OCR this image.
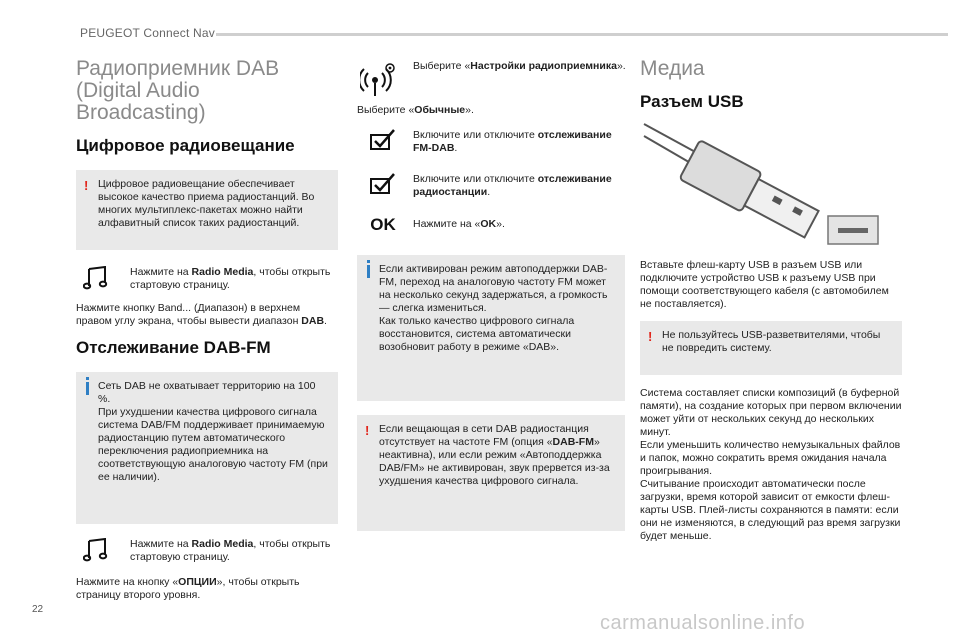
PEUGEOT Connect Nav
Радиоприемник DAB (Digital Audio Broadcasting)
Цифровое радиовещание
! Цифровое радиовещание обеспечивает высокое качество приема радиостанций. Во многих мультиплекс-пакетах можно найти алфавитный список таких радиостанций.
Нажмите на Radio Media, чтобы открыть стартовую страницу.
Нажмите кнопку Band... (Диапазон) в верхнем правом углу экрана, чтобы вывести диапазон DAB.
Отслеживание DAB-FM
Сеть DAB не охватывает территорию на 100 %.
При ухудшении качества цифрового сигнала система DAB/FM поддерживает принимаемую радиостанцию путем автоматического переключения радиоприемника на соответствующую аналоговую частоту FM (при ее наличии).
Нажмите на Radio Media, чтобы открыть стартовую страницу.
Нажмите на кнопку «ОПЦИИ», чтобы открыть страницу второго уровня.
Выберите «Настройки радиоприемника».
Выберите «Обычные».
Включите или отключите отслеживание FM-DAB.
Включите или отключите отслеживание радиостанции.
OK	Нажмите на «OK».
Если активирован режим автоподдержки DAB-FM, переход на аналоговую частоту FM может на несколько секунд задержаться, а громкость — слегка измениться.
Как только качество цифрового сигнала восстановится, система автоматически возобновит работу в режиме «DAB».
! Если вещающая в сети DAB радиостанция отсутствует на частоте FM (опция «DAB-FM» неактивна), или если режим «Автоподдержка DAB/FM» не активирован, звук прервется из-за ухудшения качества цифрового сигнала.
Медиа
Разъем USB
Вставьте флеш-карту USB в разъем USB или подключите устройство USB к разъему USB при помощи соответствующего кабеля (с автомобилем не поставляется).
! Не пользуйтесь USB-разветвителями, чтобы не повредить систему.
Система составляет списки композиций (в буферной памяти), на создание которых при первом включении может уйти от нескольких секунд до нескольких минут.
Если уменьшить количество немузыкальных файлов и папок, можно сократить время ожидания начала проигрывания.
Считывание происходит автоматически после загрузки, время которой зависит от емкости флеш-карты USB. Плей-листы сохраняются в памяти: если они не изменяются, в следующий раз время загрузки будет меньше.
22
carmanualsonline.info
